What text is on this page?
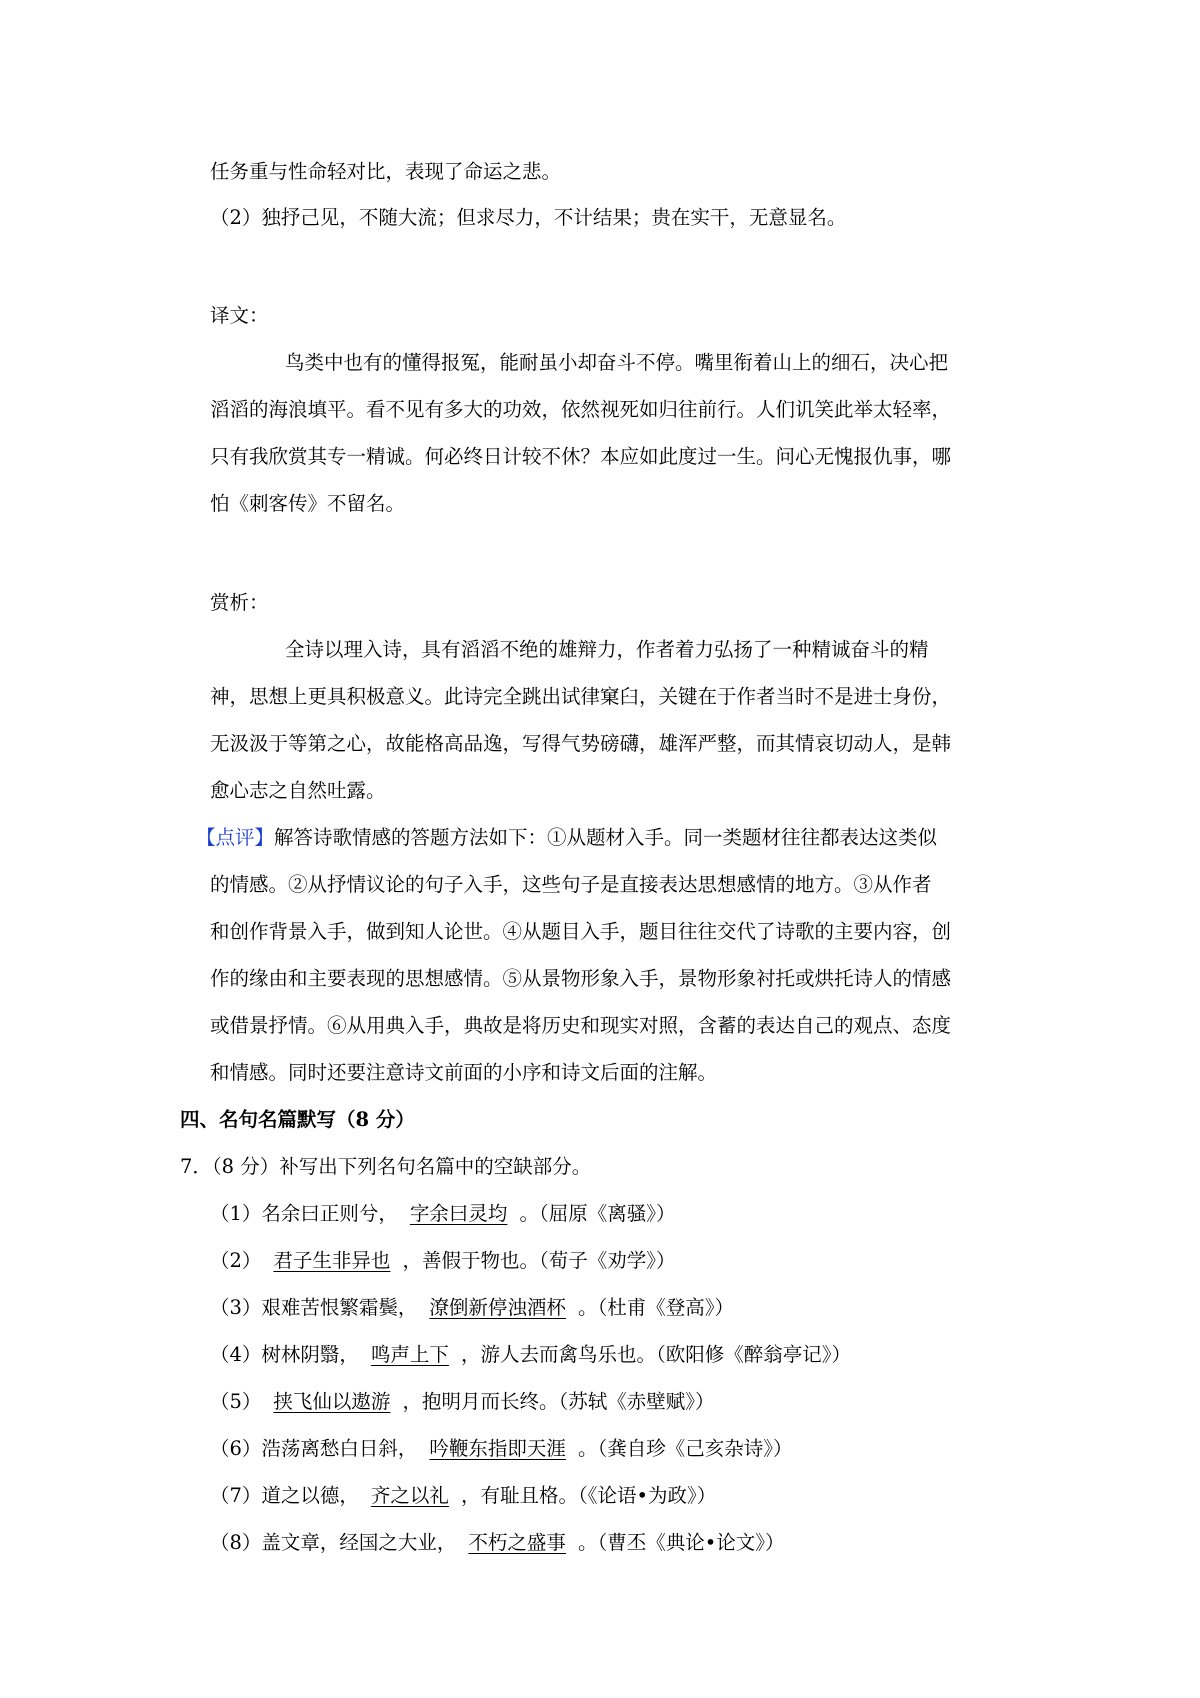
任务重与性命轻对比，表现了命运之悲。
（2）独抒己见，不随大流；但求尽力，不计结果；贵在实干，无意显名。
译文：
鸟类中也有的懂得报冤，能耐虽小却奋斗不停。嘴里衔着山上的细石，决心把
滔滔的海浪填平。看不见有多大的功效，依然视死如归往前行。人们讥笑此举太轻率，
只有我欣赏其专一精诚。何必终日计较不休？本应如此度过一生。问心无愧报仇事，哪
怕《刺客传》不留名。
赏析：
全诗以理入诗，具有滔滔不绝的雄辩力，作者着力弘扬了一种精诚奋斗的精
神，思想上更具积极意义。此诗完全跳出试律窠臼，关键在于作者当时不是进士身份，
无汲汲于等第之心，故能格高品逸，写得气势磅礴，雄浑严整，而其情哀切动人，是韩
愈心志之自然吐露。
【点评】解答诗歌情感的答题方法如下：①从题材入手。同一类题材往往都表达这类似
的情感。②从抒情议论的句子入手，这些句子是直接表达思想感情的地方。③从作者
和创作背景入手，做到知人论世。④从题目入手，题目往往交代了诗歌的主要内容，创
作的缘由和主要表现的思想感情。⑤从景物形象入手，景物形象衬托或烘托诗人的情感
或借景抒情。⑥从用典入手，典故是将历史和现实对照，含蓄的表达自己的观点、态度
和情感。同时还要注意诗文前面的小序和诗文后面的注解。
四、名句名篇默写（8 分）
7．（8 分）补写出下列名句名篇中的空缺部分。
（1）名余曰正则兮， 字余曰灵均 。（屈原《离骚》）
（2） 君子生非异也 ，善假于物也。（荀子《劝学》）
（3）艰难苦恨繁霜鬓， 潦倒新停浊酒杯 。（杜甫《登高》）
（4）树林阴翳， 鸣声上下 ，游人去而禽鸟乐也。（欧阳修《醉翁亭记》）
（5） 挟飞仙以遨游 ，抱明月而长终。（苏轼《赤壁赋》）
（6）浩荡离愁白日斜， 吟鞭东指即天涯 。（龚自珍《己亥杂诗》）
（7）道之以德， 齐之以礼 ，有耻且格。（《论语•为政》）
（8）盖文章，经国之大业， 不朽之盛事 。（曹丕《典论•论文》）
